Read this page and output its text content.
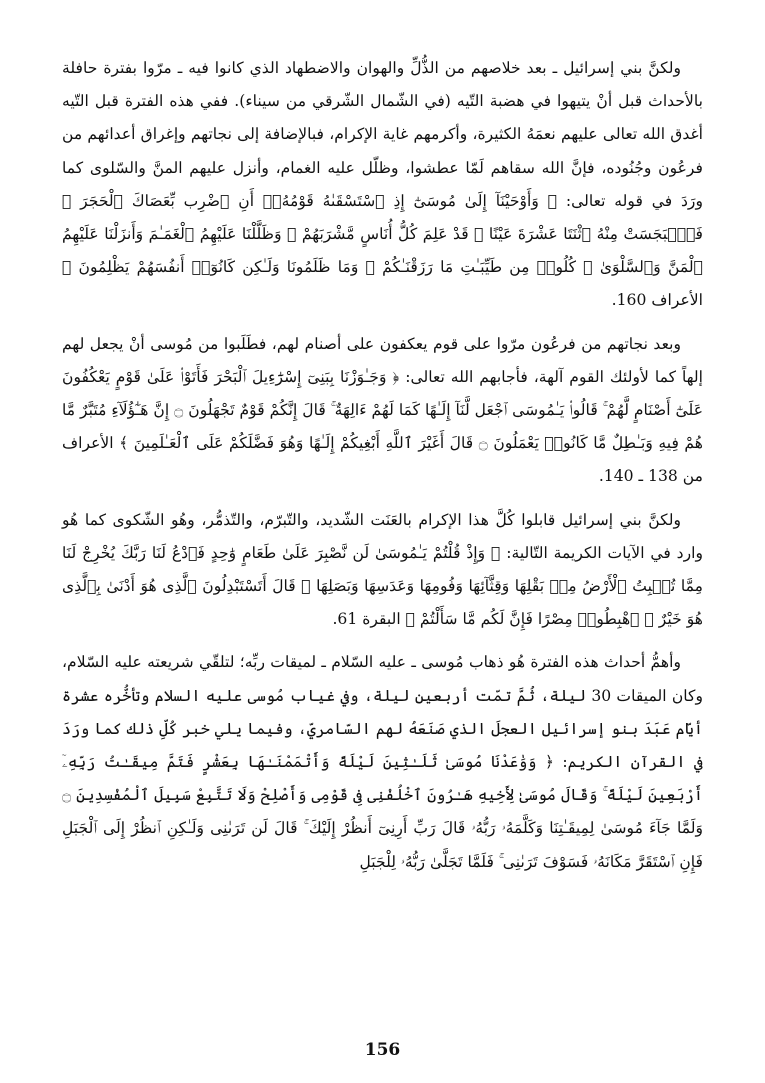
ولكنَّ بني إسرائيل ـ بعد خلاصهم من الذُّلِّ والهوان والاضطهاد الذي كانوا فيه ـ مرّوا بفترة حافلة بالأحداث قبل أنْ يتيهوا في هضبة التّيه (في الشّمال الشّرقي من سيناء). ففي هذه الفترة قبل التّيه أغدق الله تعالى عليهم نعمَهُ الكثيرة، وأكرمهم غاية الإكرام، فبالإضافة إلى نجاتهم وإغراق أعدائهم من فرعُون وجُنُوده، فإنَّ الله سقاهم لَمّا عطشوا، وظلّل عليه الغمام، وأنزل عليهم المنَّ والسّلوى كما ورَدَ في قوله تعالى: ﴿ وَأَوْحَيْنَآ إِلَىٰ مُوسَىٰٓ إِذِ ٱسْتَسْقَىٰهُ قَوْمُهُۥٓ أَنِ ٱضْرِب بِّعَصَاكَ ٱلْحَجَرَ ۖ فَٱنۢبَجَسَتْ مِنْهُ ٱثْنَتَا عَشْرَةَ عَيْنًا ۖ قَدْ عَلِمَ كُلُّ أُنَاسٍ مَّشْرَبَهُمْ ۚ وَظَلَّلْنَا عَلَيْهِمُ ٱلْغَمَـٰمَ وَأَنزَلْنَا عَلَيْهِمُ ٱلْمَنَّ وَٱلسَّلْوَىٰ ۖ كُلُوا۟ مِن طَيِّبَـٰتِ مَا رَزَقْنَـٰكُمْ ۚ وَمَا ظَلَمُونَا وَلَـٰكِن كَانُوٓا۟ أَنفُسَهُمْ يَظْلِمُونَ ﴾ الأعراف 160.

وبعد نجاتهم من فرعُون مرّوا على قوم يعكفون على أصنام لهم، فطَلَبوا من مُوسى أنْ يجعل لهم إلهاً كما لأولئك القوم آلهة، فأجابهم الله تعالى: ﴿ وَجَـٰوَزْنَا بِبَنِىٓ إِسْرَٰٓءِيلَ ٱلْبَحْرَ فَأَتَوْا۟ عَلَىٰ قَوْمٍ يَعْكُفُونَ عَلَىٰٓ أَصْنَامٍ لَّهُمْ ۚ قَالُوا۟ يَـٰمُوسَى ٱجْعَل لَّنَآ إِلَـٰهًا كَمَا لَهُمْ ءَالِهَةٌ ۚ قَالَ إِنَّكُمْ قَوْمٌ تَجْهَلُونَ ۝ إِنَّ هَـٰٓؤُلَآءِ مُتَبَّرٌ مَّا هُمْ فِيهِ وَبَـٰطِلٌ مَّا كَانُوا۟ يَعْمَلُونَ ۝ قَالَ أَغَيْرَ ٱللَّهِ أَبْغِيكُمْ إِلَـٰهًا وَهُوَ فَضَّلَكُمْ عَلَى ٱلْعَـٰلَمِينَ ﴾ الأعراف من 138 ـ 140.

ولكنَّ بني إسرائيل قابلوا كُلَّ هذا الإكرام بالعَنَت الشّديد، والتّبرّم، والتّذمُّر، وهُو الشّكوى كما هُو وارد في الآيات الكريمة التّالية: ﴿ وَإِذْ قُلْتُمْ يَـٰمُوسَىٰ لَن نَّصْبِرَ عَلَىٰ طَعَامٍ وَٰحِدٍ فَٱدْعُ لَنَا رَبَّكَ يُخْرِجْ لَنَا مِمَّا تُنۢبِتُ ٱلْأَرْضُ مِنۢ بَقْلِهَا وَقِثَّآئِهَا وَفُومِهَا وَعَدَسِهَا وَبَصَلِهَا ۖ قَالَ أَتَسْتَبْدِلُونَ ٱلَّذِى هُوَ أَدْنَىٰ بِٱلَّذِى هُوَ خَيْرٌ ۚ ٱهْبِطُوا۟ مِصْرًا فَإِنَّ لَكُم مَّا سَأَلْتُمْ ﴾ البقرة 61.

وأهمُّ أحداث هذه الفترة هُو ذهاب مُوسى ـ عليه السّلام ـ لميقات ربِّه؛ لتلقّي شريعته عليه السّلام، وكان الميقات 30 ليلة، ثُمَّ تمّت أربعين ليلة، وفي غياب مُوسى عليه السلام وتأخُّره عشرة أيّام عَبَدَ بنو إسرائيل العجلَ الذي صَنَعَهُ لهم السّامريّ، وفيما يلي خبر كُلِّ ذلك كما ورَدَ في القرآن الكريم: ﴿ وَوَٰعَدْنَا مُوسَىٰ ثَلَـٰثِينَ لَيْلَةً وَأَتْمَمْنَـٰهَا بِعَشْرٍ فَتَمَّ مِيقَـٰتُ رَبِّهِۦٓ أَرْبَعِينَ لَيْلَةً ۚ وَقَالَ مُوسَىٰ لِأَخِيهِ هَـٰرُونَ ٱخْلُفْنِى فِى قَوْمِى وَأَصْلِحْ وَلَا تَتَّبِعْ سَبِيلَ ٱلْمُفْسِدِينَ ۝ وَلَمَّا جَآءَ مُوسَىٰ لِمِيقَـٰتِنَا وَكَلَّمَهُۥ رَبُّهُۥ قَالَ رَبِّ أَرِنِىٓ أَنظُرْ إِلَيْكَ ۚ قَالَ لَن تَرَىٰنِى وَلَـٰكِنِ ٱنظُرْ إِلَى ٱلْجَبَلِ فَإِنِ ٱسْتَقَرَّ مَكَانَهُۥ فَسَوْفَ تَرَىٰنِى ۚ فَلَمَّا تَجَلَّىٰ رَبُّهُۥ لِلْجَبَلِ

156
